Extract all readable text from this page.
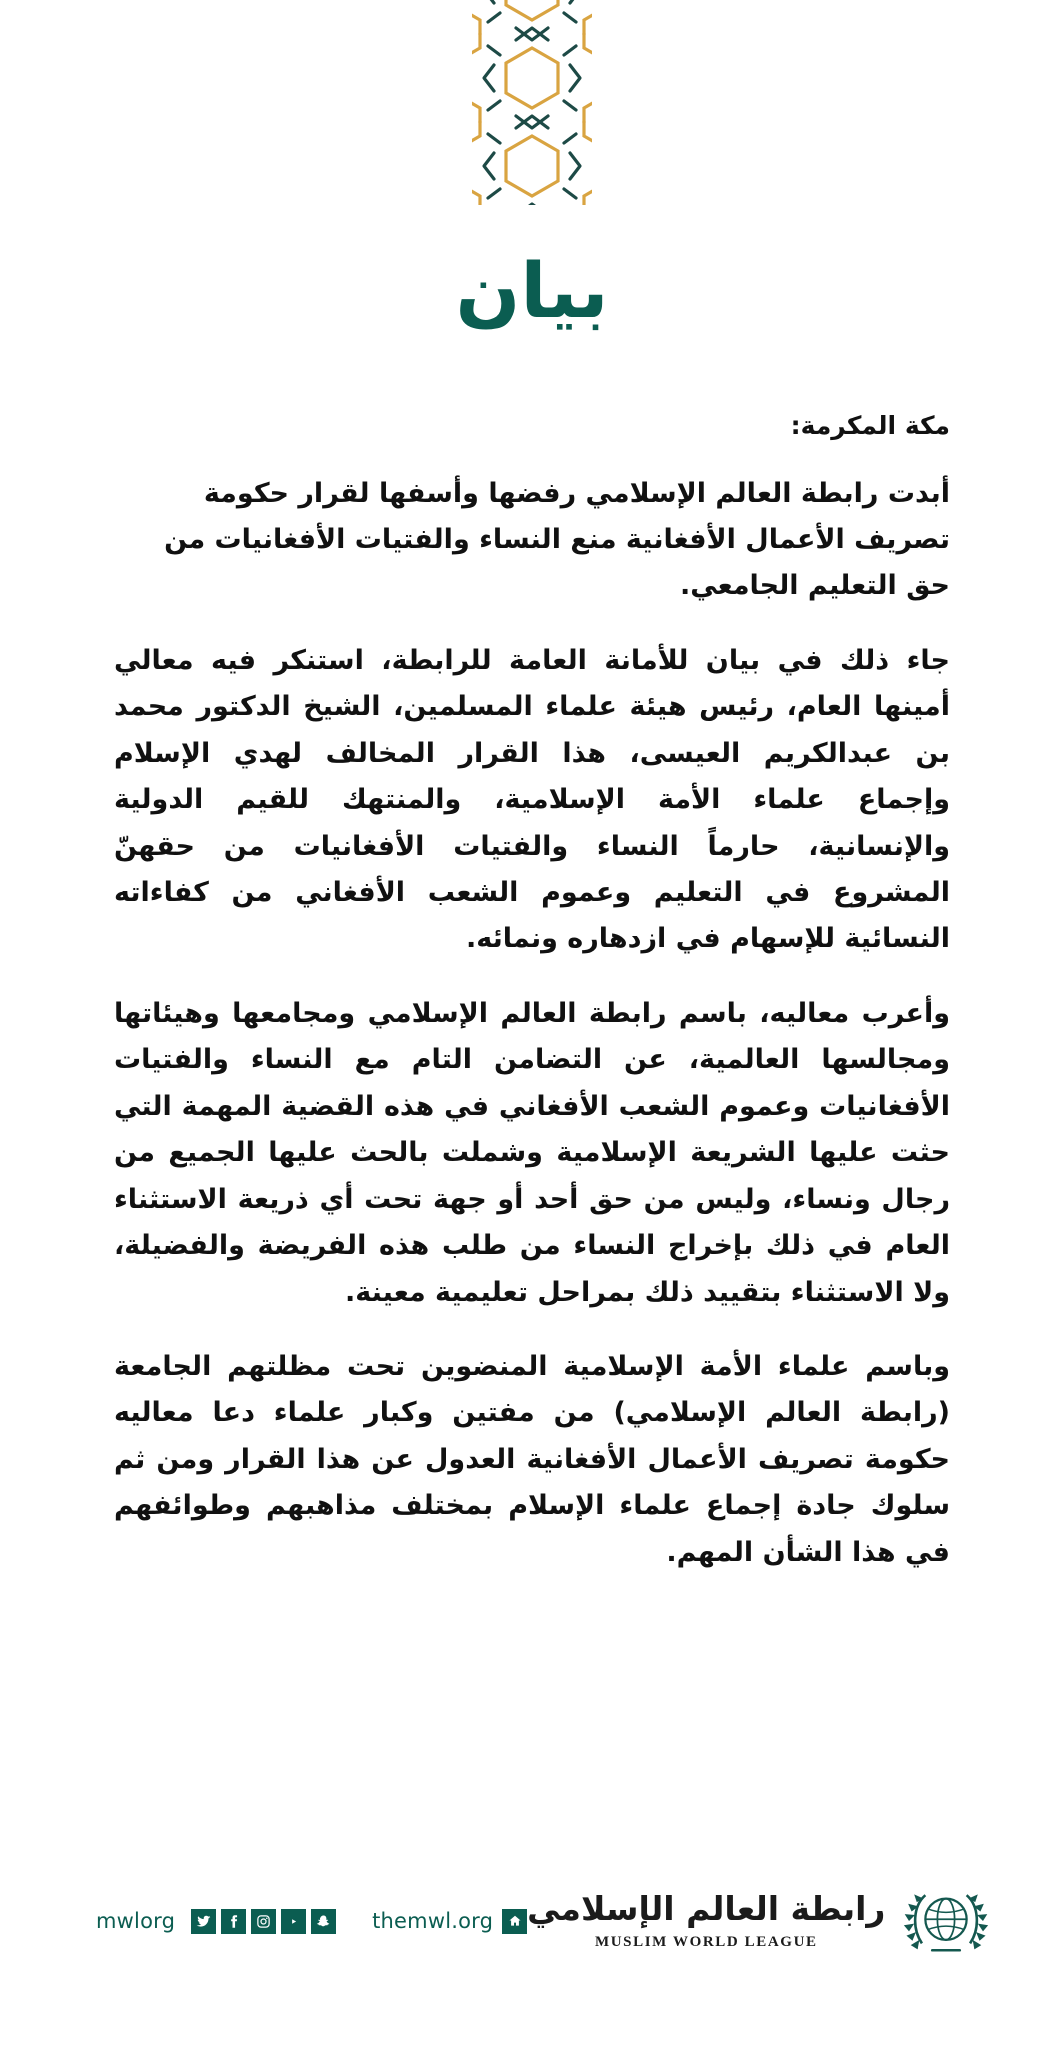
بيان
مكة المكرمة:

أبدت رابطة العالم الإسلامي رفضها وأسفها لقرار حكومة تصريف الأعمال الأفغانية منع النساء والفتيات الأفغانيات من حق التعليم الجامعي.

جاء ذلك في بيان للأمانة العامة للرابطة، استنكر فيه معالي أمينها العام، رئيس هيئة علماء المسلمين، الشيخ الدكتور محمد بن عبدالكريم العيسى، هذا القرار المخالف لهدي الإسلام وإجماع علماء الأمة الإسلامية، والمنتهك للقيم الدولية والإنسانية، حارماً النساء والفتيات الأفغانيات من حقهنّ المشروع في التعليم وعموم الشعب الأفغاني من كفاءاته النسائية للإسهام في ازدهاره ونمائه.

وأعرب معاليه، باسم رابطة العالم الإسلامي ومجامعها وهيئاتها ومجالسها العالمية، عن التضامن التام مع النساء والفتيات الأفغانيات وعموم الشعب الأفغاني في هذه القضية المهمة التي حثت عليها الشريعة الإسلامية وشملت بالحث عليها الجميع من رجال ونساء، وليس من حق أحد أو جهة تحت أي ذريعة الاستثناء العام في ذلك بإخراج النساء من طلب هذه الفريضة والفضيلة، ولا الاستثناء بتقييد ذلك بمراحل تعليمية معينة.

وباسم علماء الأمة الإسلامية المنضوين تحت مظلتهم الجامعة (رابطة العالم الإسلامي) من مفتين وكبار علماء دعا معاليه حكومة تصريف الأعمال الأفغانية العدول عن هذا القرار ومن ثم سلوك جادة إجماع علماء الإسلام بمختلف مذاهبهم وطوائفهم في هذا الشأن المهم.

mwlorg	themwl.org رابطة العالم الإسلامي
MUSLIM WORLD LEAGUE
